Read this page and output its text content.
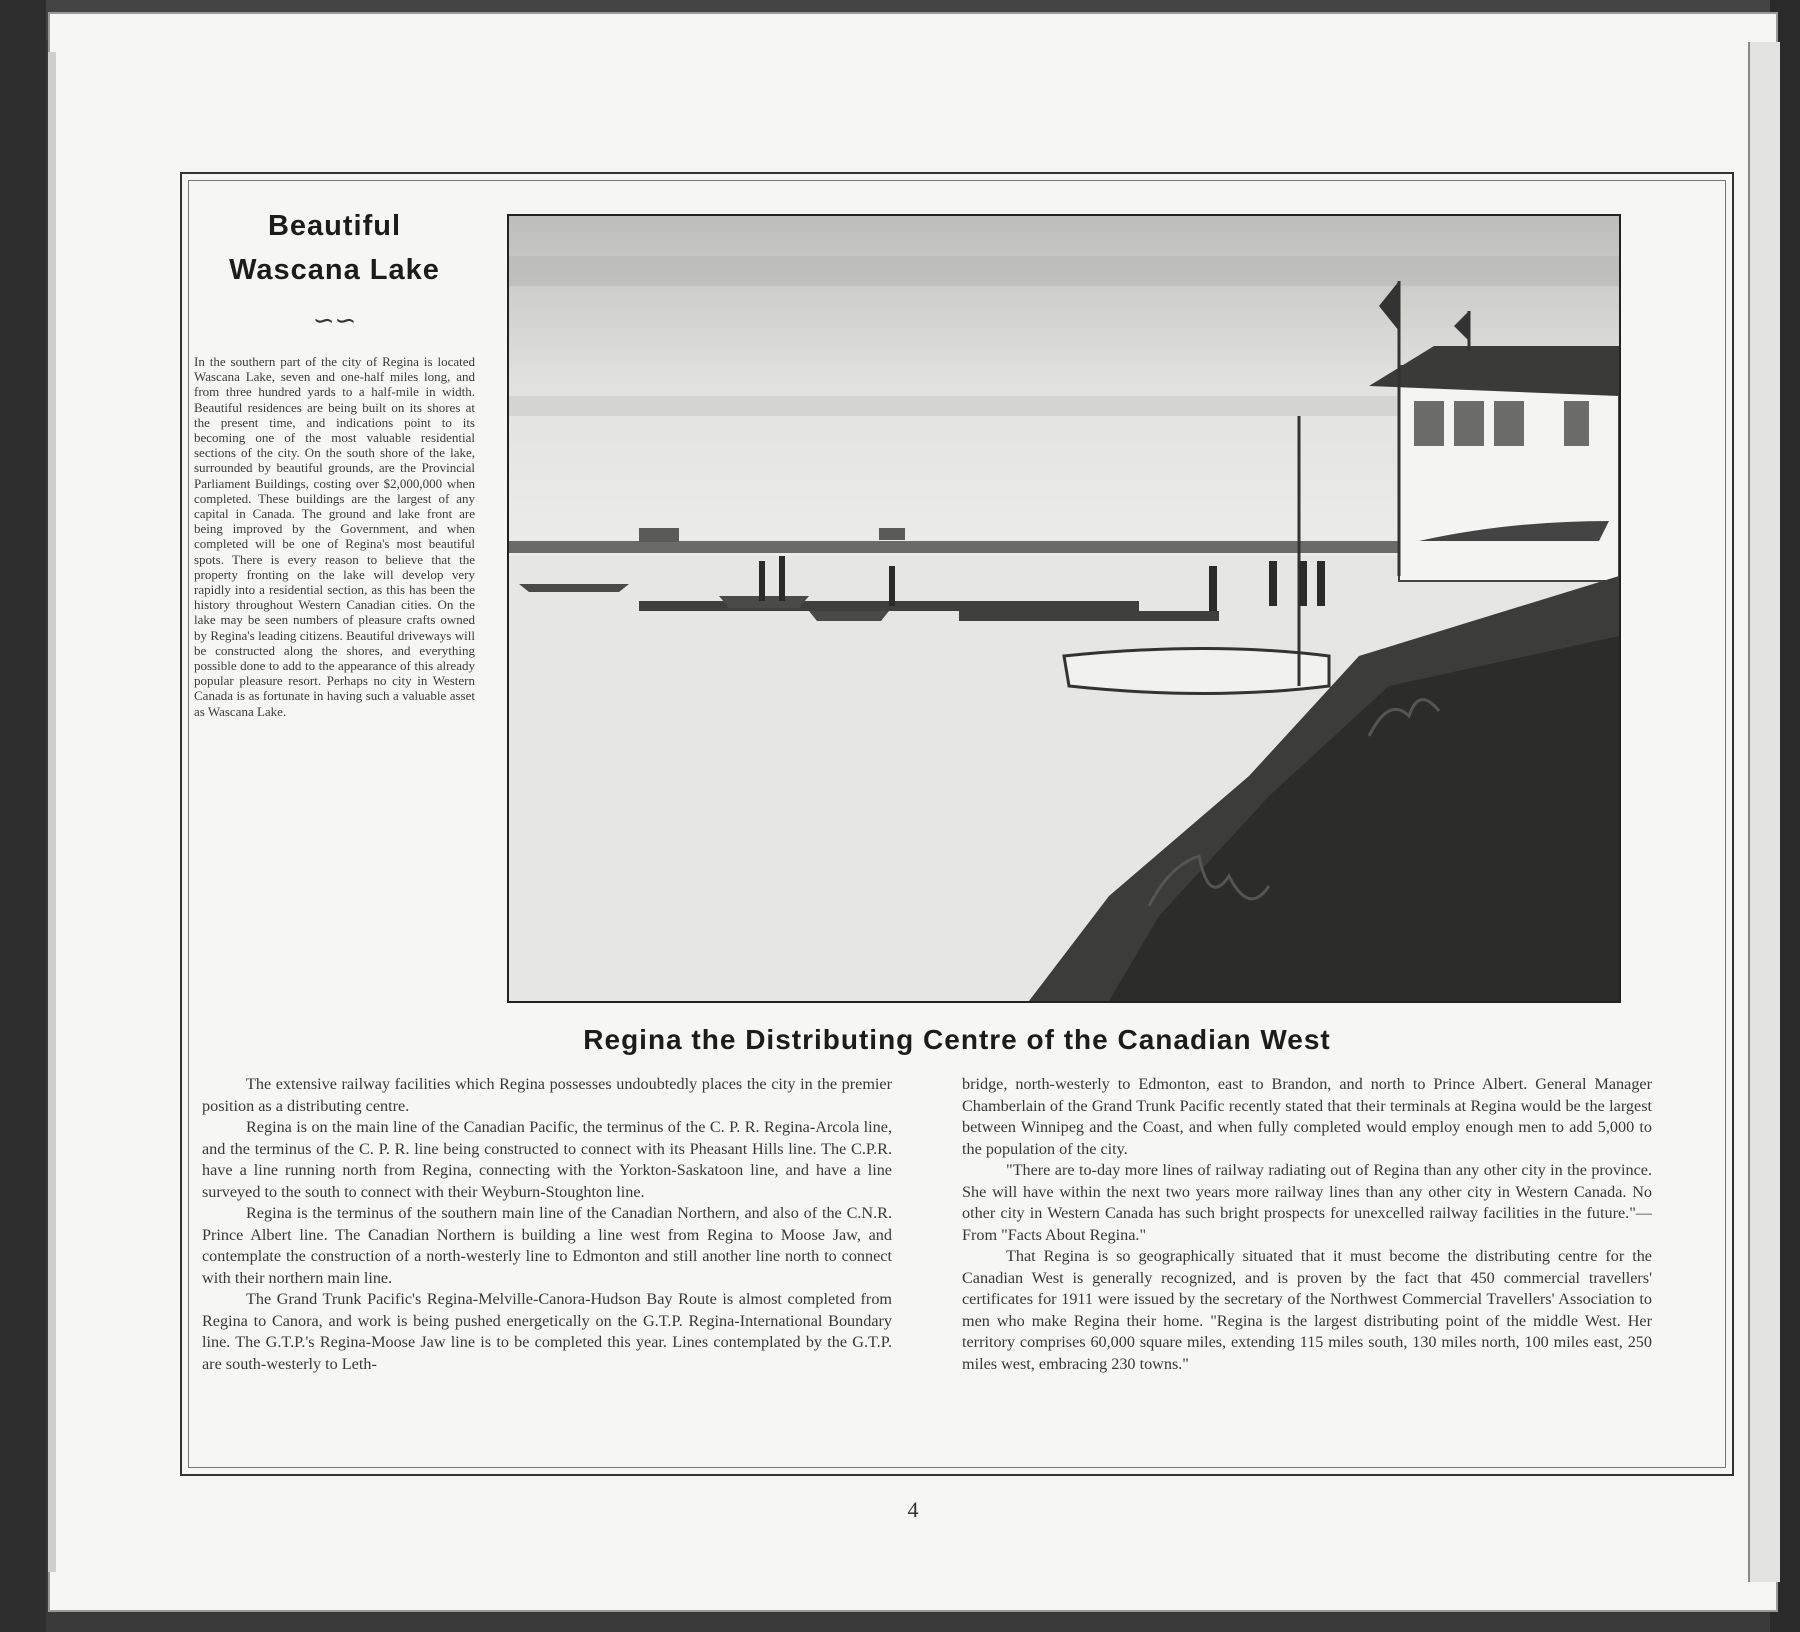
Beautiful
Wascana Lake
∽∽

In the southern part of the city of Regina is located Wascana Lake, seven and one-half miles long, and from three hundred yards to a half-mile in width. Beautiful residences are being built on its shores at the present time, and indications point to its becoming one of the most valuable residential sections of the city. On the south shore of the lake, surrounded by beautiful grounds, are the Provincial Parliament Buildings, costing over $2,000,000 when completed. These buildings are the largest of any capital in Canada. The ground and lake front are being improved by the Government, and when completed will be one of Regina's most beautiful spots. There is every reason to believe that the property fronting on the lake will develop very rapidly into a residential section, as this has been the history throughout Western Canadian cities. On the lake may be seen numbers of pleasure crafts owned by Regina's leading citizens. Beautiful driveways will be constructed along the shores, and everything possible done to add to the appearance of this already popular pleasure resort. Perhaps no city in Western Canada is as fortunate in having such a valuable asset as Wascana Lake.

Regina the Distributing Centre of the Canadian West

The extensive railway facilities which Regina possesses undoubtedly places the city in the premier position as a distributing centre.

Regina is on the main line of the Canadian Pacific, the terminus of the C. P. R. Regina-Arcola line, and the terminus of the C. P. R. line being constructed to connect with its Pheasant Hills line. The C.P.R. have a line running north from Regina, connecting with the Yorkton-Saskatoon line, and have a line surveyed to the south to connect with their Weyburn-Stoughton line.

Regina is the terminus of the southern main line of the Canadian Northern, and also of the C.N.R. Prince Albert line. The Canadian Northern is building a line west from Regina to Moose Jaw, and contemplate the construction of a north-westerly line to Edmonton and still another line north to connect with their northern main line.

The Grand Trunk Pacific's Regina-Melville-Canora-Hudson Bay Route is almost completed from Regina to Canora, and work is being pushed energetically on the G.T.P. Regina-International Boundary line. The G.T.P.'s Regina-Moose Jaw line is to be completed this year. Lines contemplated by the G.T.P. are south-westerly to Leth-

bridge, north-westerly to Edmonton, east to Brandon, and north to Prince Albert. General Manager Chamberlain of the Grand Trunk Pacific recently stated that their terminals at Regina would be the largest between Winnipeg and the Coast, and when fully completed would employ enough men to add 5,000 to the population of the city.

"There are to-day more lines of railway radiating out of Regina than any other city in the province. She will have within the next two years more railway lines than any other city in Western Canada. No other city in Western Canada has such bright prospects for unexcelled railway facilities in the future."—From "Facts About Regina."

That Regina is so geographically situated that it must become the distributing centre for the Canadian West is generally recognized, and is proven by the fact that 450 commercial travellers' certificates for 1911 were issued by the secretary of the Northwest Commercial Travellers' Association to men who make Regina their home. "Regina is the largest distributing point of the middle West. Her territory comprises 60,000 square miles, extending 115 miles south, 130 miles north, 100 miles east, 250 miles west, embracing 230 towns."

4
